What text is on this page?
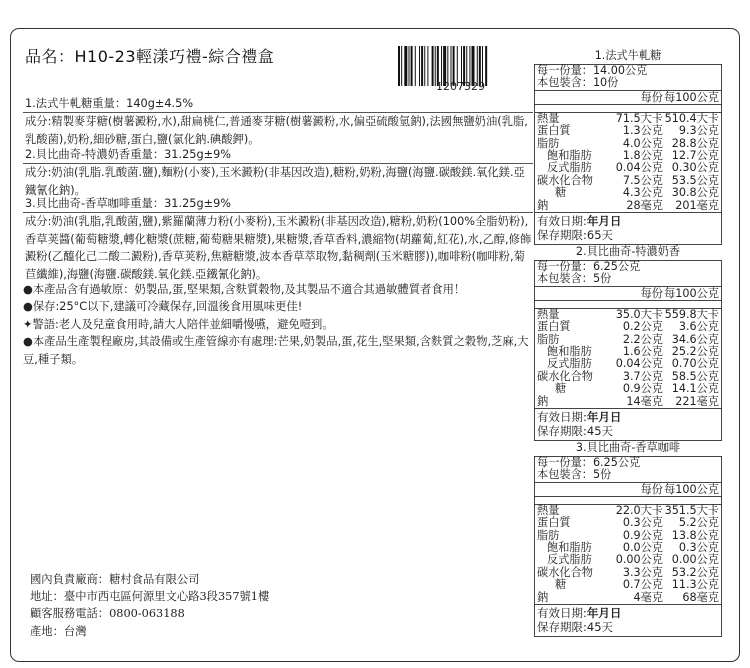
品名：H10-23輕漾巧禮-綜合禮盒
1207329
1.法式牛軋糖重量：140g±4.5%
成分:精製麥芽糖(樹薯澱粉,水),甜扁桃仁,普通麥芽糖(樹薯澱粉,水,偏亞硫酸氫鈉),法國無鹽奶油(乳脂,乳酸菌),奶粉,細砂糖,蛋白,鹽(氯化鈉.碘酸鉀)。
2.貝比曲奇-特濃奶香重量：31.25g±9%
成分:奶油(乳脂.乳酸菌.鹽),麵粉(小麥),玉米澱粉(非基因改造),糖粉,奶粉,海鹽(海鹽.碳酸鎂.氧化鎂.亞鐵氰化鈉)。
3.貝比曲奇-香草咖啡重量：31.25g±9%
成分:奶油(乳脂,乳酸菌,鹽),紫羅蘭薄力粉(小麥粉),玉米澱粉(非基因改造),糖粉,奶粉(100%全脂奶粉),香草荚醬(葡萄糖漿,轉化糖漿(蔗糖,葡萄糖果糖漿),果糖漿,香草香料,濃縮物(胡蘿蔔,紅花),水,乙醇,修飾澱粉(乙醯化己二酸二澱粉),香草荚粉,焦糖糖漿,波本香草萃取物,黏稠劑(玉米糖膠)),咖啡粉(咖啡粉,菊苣纖維),海鹽(海鹽.碳酸鎂.氧化鎂.亞鐵氰化鈉)。
●本產品含有過敏原：奶製品,蛋,堅果類,含麩質穀物,及其製品不適合其過敏體質者食用！
●保存:25°C以下,建議可冷藏保存,回溫後食用風味更佳!
✦警語:老人及兒童食用時,請大人陪伴並細嚼慢嚥，避免噎到。
●本產品生產製程廠房,其設備或生產管線亦有處理:芒果,奶製品,蛋,花生,堅果類,含麩質之穀物,芝麻,大豆,種子類。
國內負責廠商：糖村食品有限公司
地址：臺中市西屯區何源里文心路3段357號1樓
顧客服務電話：0800-063188
產地：台灣
1.法式牛軋糖
每一份量：14.00公克
本包裝含：10份
每份 每100公克
熱量	71.5大卡 510.4大卡
蛋白質	1.3公克	9.3公克
脂肪	4.0公克 28.8公克
飽和脂肪	1.8公克 12.7公克
反式脂肪	0.04公克 0.30公克
碳水化合物	7.5公克 53.5公克
糖	4.3公克 30.8公克
鈉	28毫克	201毫克
有效日期:年月日
保存期限:65天
2.貝比曲奇-特濃奶香
每一份量：6.25公克
本包裝含：5份
每份 每100公克
熱量	35.0大卡 559.8大卡
蛋白質	0.2公克	3.6公克
脂肪	2.2公克 34.6公克
飽和脂肪	1.6公克 25.2公克
反式脂肪	0.04公克 0.70公克
碳水化合物	3.7公克 58.5公克
糖	0.9公克 14.1公克
鈉	14毫克	221毫克
有效日期:年月日
保存期限:45天
3.貝比曲奇-香草咖啡
每一份量：6.25公克
本包裝含：5份
每份 每100公克
熱量	22.0大卡 351.5大卡
蛋白質	0.3公克	5.2公克
脂肪	0.9公克 13.8公克
飽和脂肪	0.0公克	0.3公克
反式脂肪	0.00公克 0.00公克
碳水化合物	3.3公克 53.2公克
糖	0.7公克 11.3公克
鈉	4毫克	68毫克
有效日期:年月日
保存期限:45天
